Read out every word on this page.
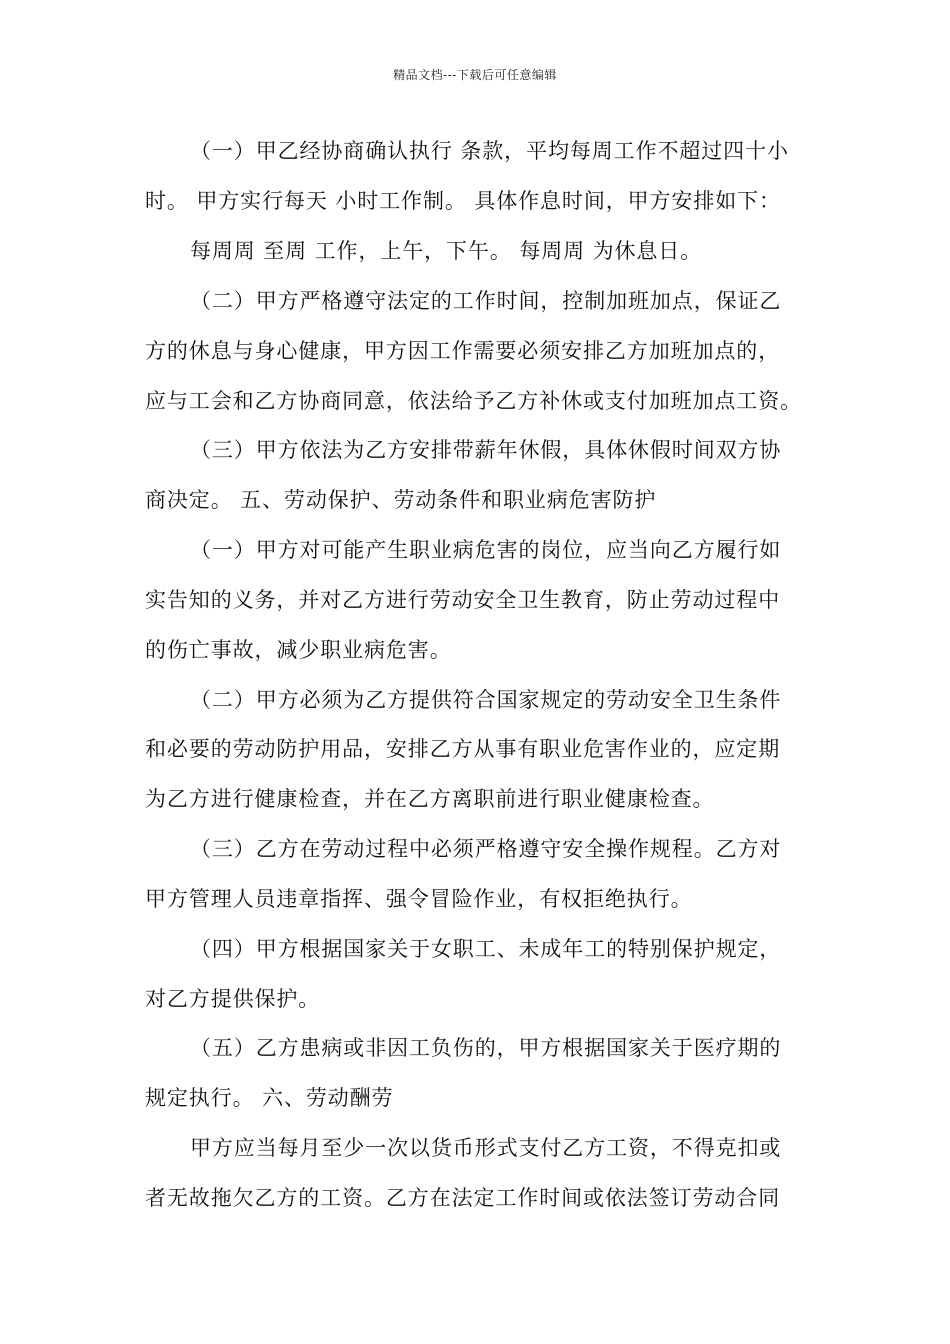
精品文档---下载后可任意编辑
（一）甲乙经协商确认执行 条款，平均每周工作不超过四十小
时。 甲方实行每天 小时工作制。 具体作息时间，甲方安排如下：
每周周 至周 工作，上午，下午。 每周周 为休息日。
（二）甲方严格遵守法定的工作时间，控制加班加点，保证乙
方的休息与身心健康，甲方因工作需要必须安排乙方加班加点的，
应与工会和乙方协商同意，依法给予乙方补休或支付加班加点工资。
（三）甲方依法为乙方安排带薪年休假，具体休假时间双方协
商决定。 五、劳动保护、劳动条件和职业病危害防护
（一）甲方对可能产生职业病危害的岗位，应当向乙方履行如
实告知的义务，并对乙方进行劳动安全卫生教育，防止劳动过程中
的伤亡事故，减少职业病危害。
（二）甲方必须为乙方提供符合国家规定的劳动安全卫生条件
和必要的劳动防护用品，安排乙方从事有职业危害作业的，应定期
为乙方进行健康检查，并在乙方离职前进行职业健康检查。
（三）乙方在劳动过程中必须严格遵守安全操作规程。乙方对
甲方管理人员违章指挥、强令冒险作业，有权拒绝执行。
（四）甲方根据国家关于女职工、未成年工的特别保护规定，
对乙方提供保护。
（五）乙方患病或非因工负伤的，甲方根据国家关于医疗期的
规定执行。 六、劳动酬劳
甲方应当每月至少一次以货币形式支付乙方工资，不得克扣或
者无故拖欠乙方的工资。乙方在法定工作时间或依法签订劳动合同
